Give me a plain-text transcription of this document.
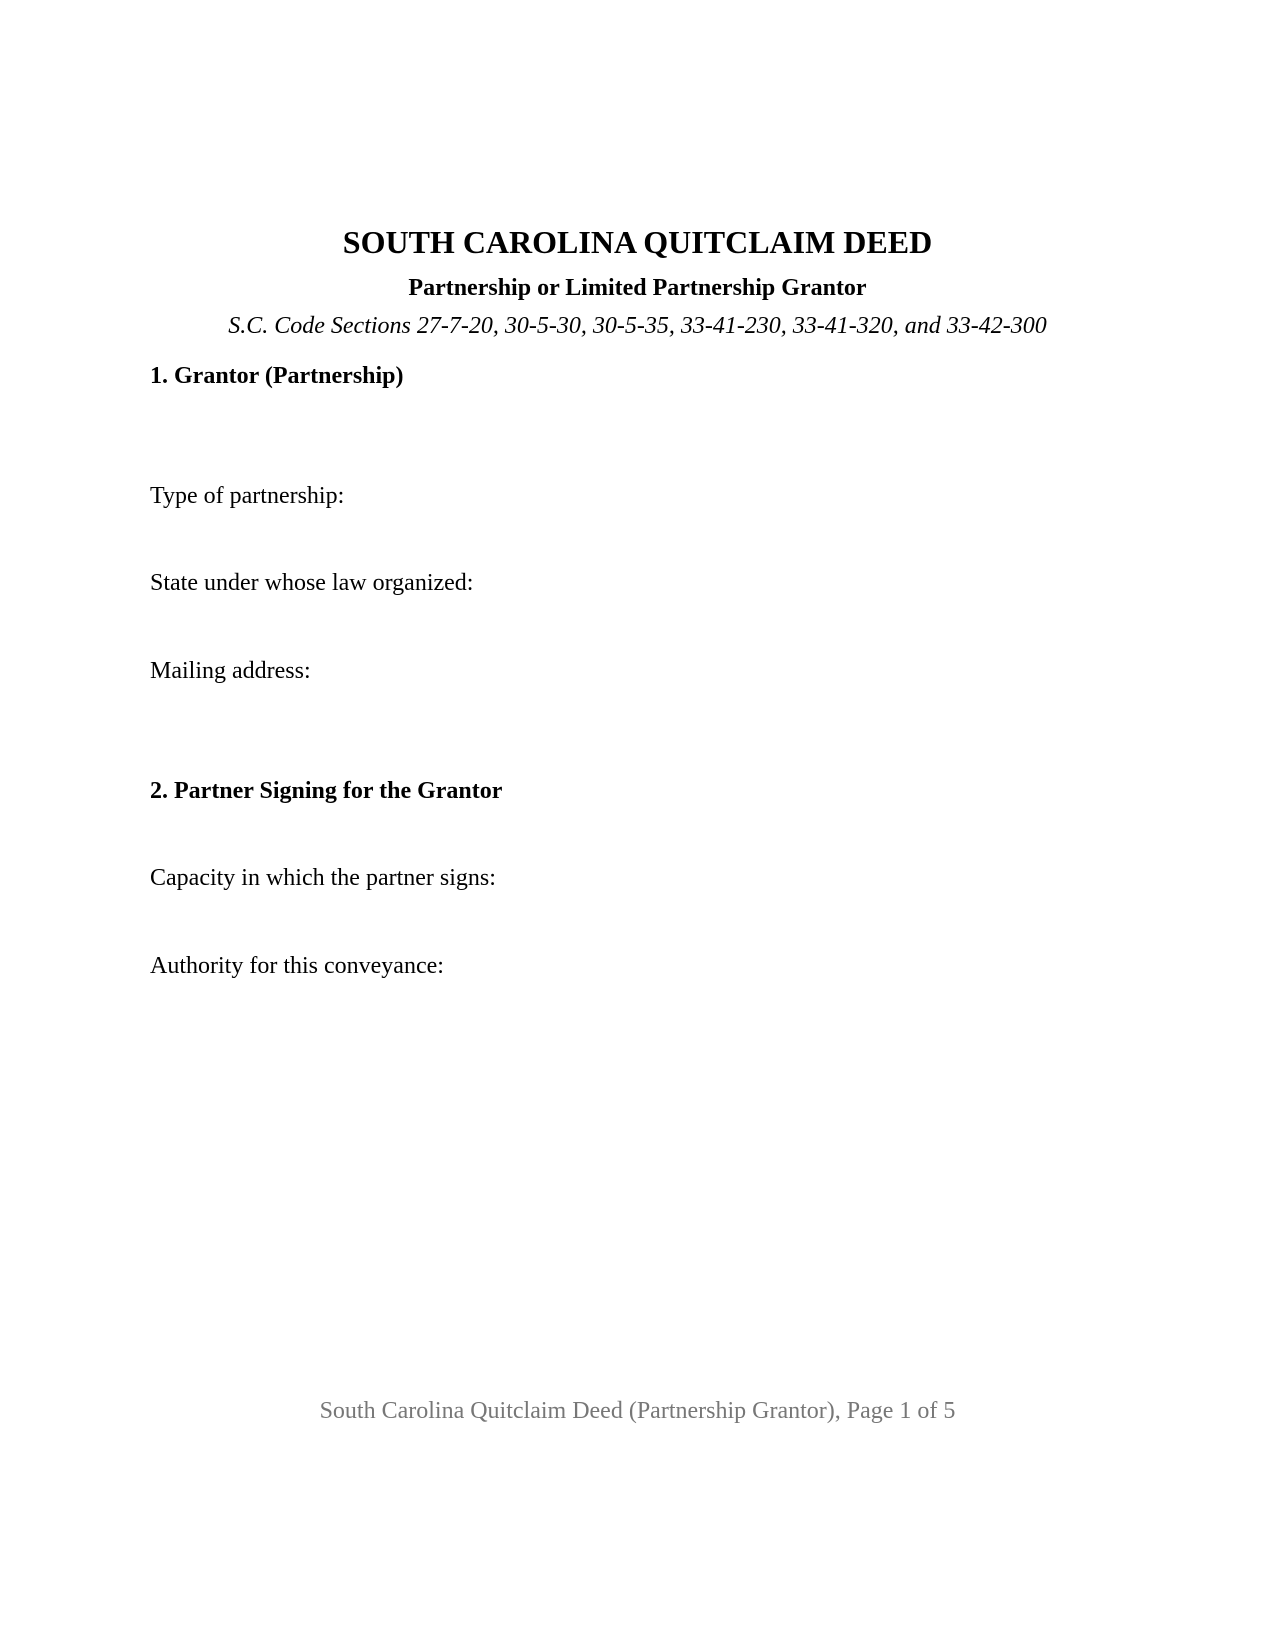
SOUTH CAROLINA QUITCLAIM DEED
Partnership or Limited Partnership Grantor
S.C. Code Sections 27-7-20, 30-5-30, 30-5-35, 33-41-230, 33-41-320, and 33-42-300
1. Grantor (Partnership)
Type of partnership:
State under whose law organized:
Mailing address:
2. Partner Signing for the Grantor
Capacity in which the partner signs:
Authority for this conveyance:
South Carolina Quitclaim Deed (Partnership Grantor), Page 1 of 5
